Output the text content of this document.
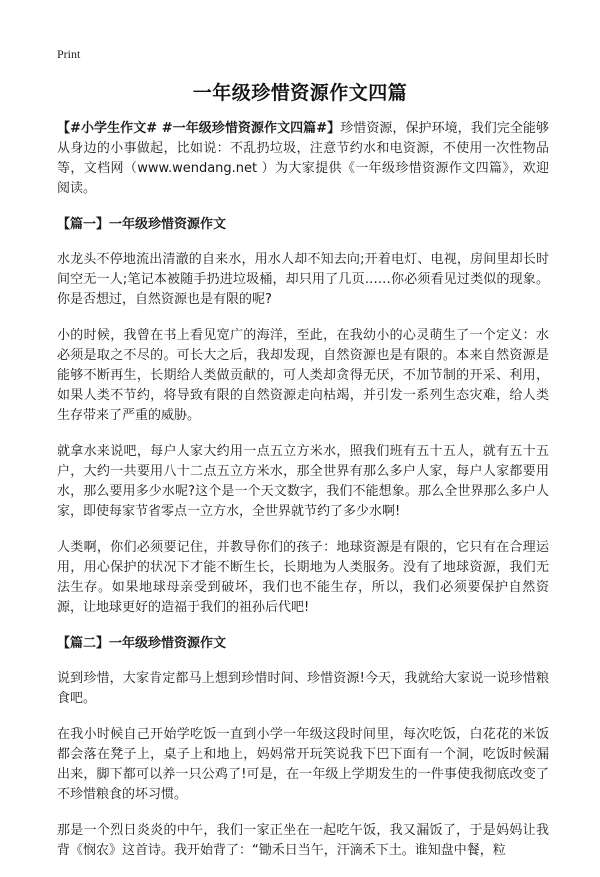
Print
一年级珍惜资源作文四篇

【#小学生作文# #一年级珍惜资源作文四篇#】珍惜资源，保护环境，我们完全能够从身边的小事做起，比如说：不乱扔垃圾，注意节约水和电资源，不使用一次性物品等，文档网（www.wendang.net ）为大家提供《一年级珍惜资源作文四篇》，欢迎阅读。

【篇一】一年级珍惜资源作文

水龙头不停地流出清澈的自来水，用水人却不知去向;开着电灯、电视，房间里却长时间空无一人;笔记本被随手扔进垃圾桶，却只用了几页……你必须看见过类似的现象。你是否想过，自然资源也是有限的呢?

小的时候，我曾在书上看见宽广的海洋，至此，在我幼小的心灵萌生了一个定义：水必须是取之不尽的。可长大之后，我却发现，自然资源也是有限的。本来自然资源是能够不断再生，长期给人类做贡献的，可人类却贪得无厌，不加节制的开采、利用，如果人类不节约，将导致有限的自然资源走向枯竭，并引发一系列生态灾难，给人类生存带来了严重的威胁。

就拿水来说吧，每户人家大约用一点五立方米水，照我们班有五十五人，就有五十五户，大约一共要用八十二点五立方米水，那全世界有那么多户人家，每户人家都要用水，那么要用多少水呢?这个是一个天文数字，我们不能想象。那么全世界那么多户人家，即使每家节省零点一立方水，全世界就节约了多少水啊!

人类啊，你们必须要记住，并教导你们的孩子：地球资源是有限的，它只有在合理运用，用心保护的状况下才能不断生长，长期地为人类服务。没有了地球资源，我们无法生存。如果地球母亲受到破坏，我们也不能生存，所以，我们必须要保护自然资源，让地球更好的造福于我们的祖孙后代吧!

【篇二】一年级珍惜资源作文

说到珍惜，大家肯定都马上想到珍惜时间、珍惜资源!今天，我就给大家说一说珍惜粮食吧。

在我小时候自己开始学吃饭一直到小学一年级这段时间里，每次吃饭，白花花的米饭都会落在凳子上，桌子上和地上，妈妈常开玩笑说我下巴下面有一个洞，吃饭时候漏出来，脚下都可以养一只公鸡了!可是，在一年级上学期发生的一件事使我彻底改变了不珍惜粮食的坏习惯。

那是一个烈日炎炎的中午，我们一家正坐在一起吃午饭，我又漏饭了，于是妈妈让我背《悯农》这首诗。我开始背了：“锄禾日当午，汗滴禾下土。谁知盘中餐，粒
